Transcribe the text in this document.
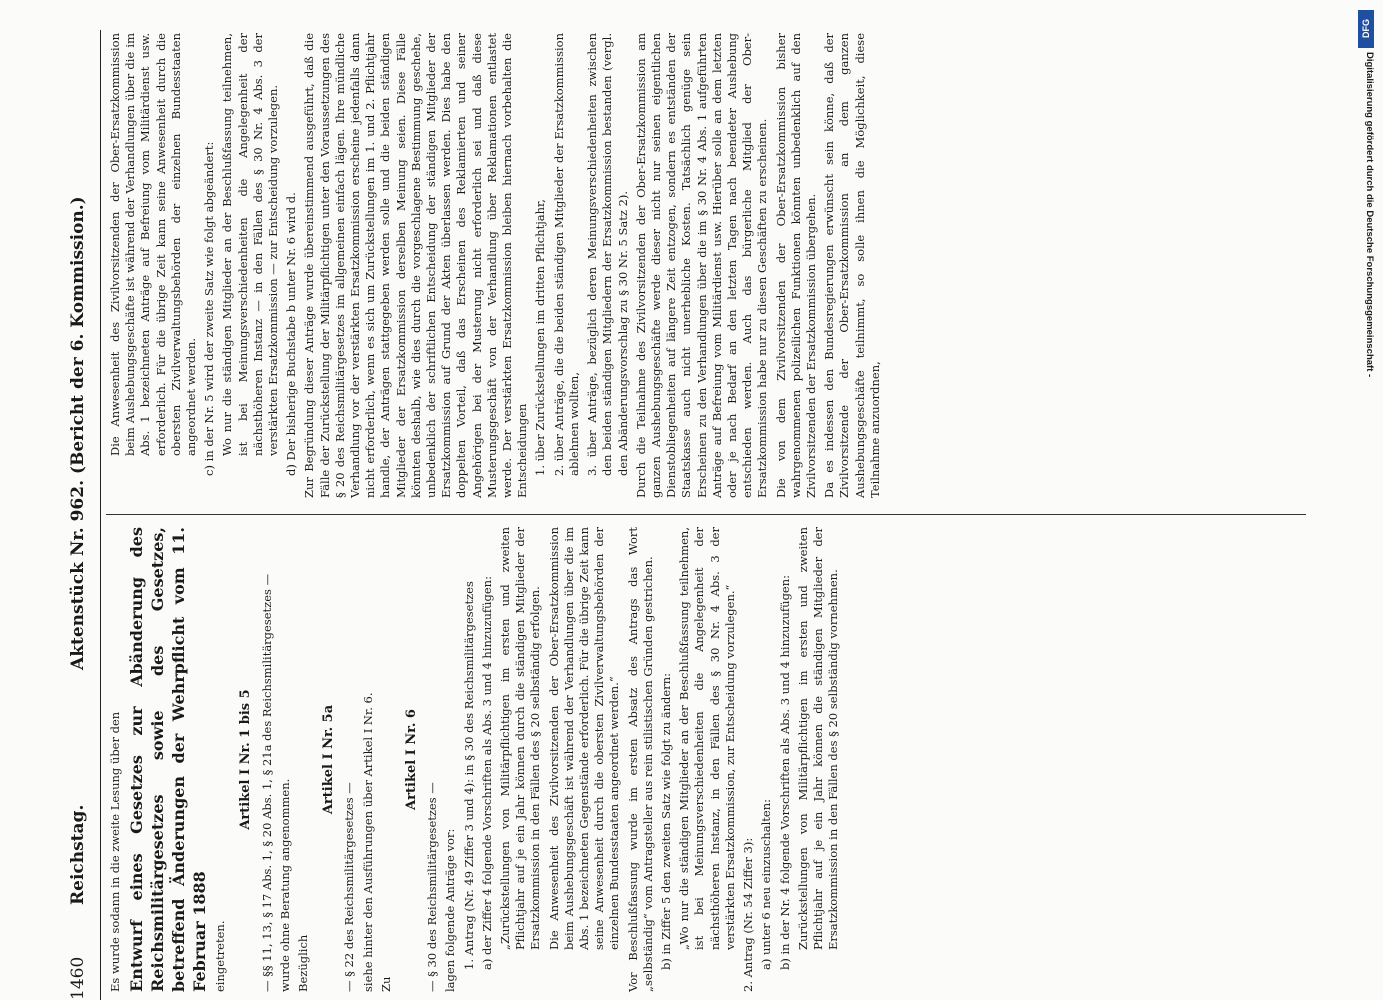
1460
Reichstag.
Aktenstück Nr. 962. (Bericht der 6. Kommission.)

Es wurde sodann in die zweite Lesung über den Entwurf eines Gesetzes zur Abänderung des Reichsmilitärgesetzes sowie des Gesetzes, betreffend Änderungen der Wehrpflicht vom 11. Februar 1888 eingetreten.

Artikel I Nr. 1 bis 5 — §§ 11, 13, § 17 Abs. 1, § 20 Abs. 1, § 21a des Reichsmilitärgesetzes — wurde ohne Beratung angenommen. Bezüglich

Artikel I Nr. 5a

— § 22 des Reichsmilitärgesetzes — siehe hinter den Ausführungen über Artikel I Nr. 6. Zu

Artikel I Nr. 6

— § 30 des Reichsmilitärgesetzes — lagen folgende Anträge vor: 1. Antrag (Nr. 49 Ziffer 3 und 4): in § 30 des Reichsmilitärgesetzes a) der Ziffer 4 folgende Vorschriften als Abs. 3 und 4 hinzuzufügen: „Zurückstellungen von Militärpflichtigen im ersten und zweiten Pflichtjahr auf je ein Jahr können durch die ständigen Mitglieder der Ersatzkommission in den Fällen des § 20 selbständig erfolgen. Die Anwesenheit des Zivilvorsitzenden der Ober-Ersatzkommission beim Aushebungsgeschäft ist während der Verhandlungen über die im Abs. 1 bezeichneten Gegenstände erforderlich. Für die übrige Zeit kann seine Anwesenheit durch die obersten Zivilverwaltungsbehörden der einzelnen Bundesstaaten angeordnet werden.“ Vor Beschlußfassung wurde im ersten Absatz des Antrags das Wort „selbständig“ vom Antragsteller aus rein stilistischen Gründen gestrichen. b) in Ziffer 5 den zweiten Satz wie folgt zu ändern: „Wo nur die ständigen Mitglieder an der Beschlußfassung teilnehmen, ist bei Meinungsverschiedenheiten die Angelegenheit der nächsthöheren Instanz, in den Fällen des § 30 Nr. 4 Abs. 3 der verstärkten Ersatzkommission, zur Entscheidung vorzulegen.“ 2. Antrag (Nr. 54 Ziffer 3): a) unter 6 neu einzuschalten: b) in der Nr. 4 folgende Vorschriften als Abs. 3 und 4 hinzuzufügen: Zurückstellungen von Militärpflichtigen im ersten und zweiten Pflichtjahr auf je ein Jahr können die ständigen Mitglieder der Ersatzkommission in den Fällen des § 20 selbständig vornehmen.

Die Anwesenheit des Zivilvorsitzenden der Ober-Ersatzkommission beim Aushebungsgeschäfte ist während der Verhandlungen über die im Abs. 1 bezeichneten Anträge auf Befreiung vom Militärdienst usw. erforderlich. Für die übrige Zeit kann seine Anwesenheit durch die obersten Zivilverwaltungsbehörden der einzelnen Bundesstaaten angeordnet werden. c) in der Nr. 5 wird der zweite Satz wie folgt abgeändert: Wo nur die ständigen Mitglieder an der Beschlußfassung teilnehmen, ist bei Meinungsverschiedenheiten die Angelegenheit der nächsthöheren Instanz — in den Fällen des § 30 Nr. 4 Abs. 3 der verstärkten Ersatzkommission — zur Entscheidung vorzulegen. d) Der bisherige Buchstabe b unter Nr. 6 wird d. Zur Begründung dieser Anträge wurde übereinstimmend ausgeführt, daß die Fälle der Zurückstellung der Militärpflichtigen unter den Voraussetzungen des § 20 des Reichsmilitärgesetzes im allgemeinen einfach lägen. Ihre mündliche Verhandlung vor der verstärkten Ersatzkommission erscheine jedenfalls dann nicht erforderlich, wenn es sich um Zurückstellungen im 1. und 2. Pflichtjahr handle, der Anträgen stattgegeben werden solle und die beiden ständigen Mitglieder der Ersatzkommission derselben Meinung seien. Diese Fälle könnten deshalb, wie dies durch die vorgeschlagene Bestimmung geschehe, unbedenklich der schriftlichen Entscheidung der ständigen Mitglieder der Ersatzkommission auf Grund der Akten überlassen werden. Dies habe den doppelten Vorteil, daß das Erscheinen des Reklamierten und seiner Angehörigen bei der Musterung nicht erforderlich sei und daß diese Musterungsgeschäft von der Verhandlung über Reklamationen entlastet werde. Der verstärkten Ersatzkommission bleiben hiernach vorbehalten die Entscheidungen 1. über Zurückstellungen im dritten Pflichtjahr, 2. über Anträge, die die beiden ständigen Mitglieder der Ersatzkommission ablehnen wollten, 3. über Anträge, bezüglich deren Meinungsverschiedenheiten zwischen den beiden ständigen Mitgliedern der Ersatzkommission bestanden (vergl. den Abänderungsvorschlag zu § 30 Nr. 5 Satz 2). Durch die Teilnahme des Zivilvorsitzenden der Ober-Ersatzkommission am ganzen Aushebungsgeschäfte werde dieser nicht nur seinen eigentlichen Dienstobliegenheiten auf längere Zeit entzogen, sondern es entständen der Staatskasse auch nicht unerhebliche Kosten. Tatsächlich genüge sein Erscheinen zu den Verhandlungen über die im § 30 Nr. 4 Abs. 1 aufgeführten Anträge auf Befreiung vom Militärdienst usw. Hierüber solle an dem letzten oder je nach Bedarf an den letzten Tagen nach beendeter Aushebung entschieden werden. Auch das bürgerliche Mitglied der Ober-Ersatzkommission habe nur zu diesen Geschäften zu erscheinen. Die von dem Zivilvorsitzenden der Ober-Ersatzkommission bisher wahrgenommenen polizeilichen Funktionen könnten unbedenklich auf den Zivilvorsitzenden der Ersatzkommission übergehen. Da es indessen den Bundesregierungen erwünscht sein könne, daß der Zivilvorsitzende der Ober-Ersatzkommission an dem ganzen Aushebungsgeschäfte teilnimmt, so solle ihnen die Möglichkeit, diese Teilnahme anzuordnen,

Digitalisierung gefördert durch die Deutsche Forschungsgemeinschaft -
DFG
